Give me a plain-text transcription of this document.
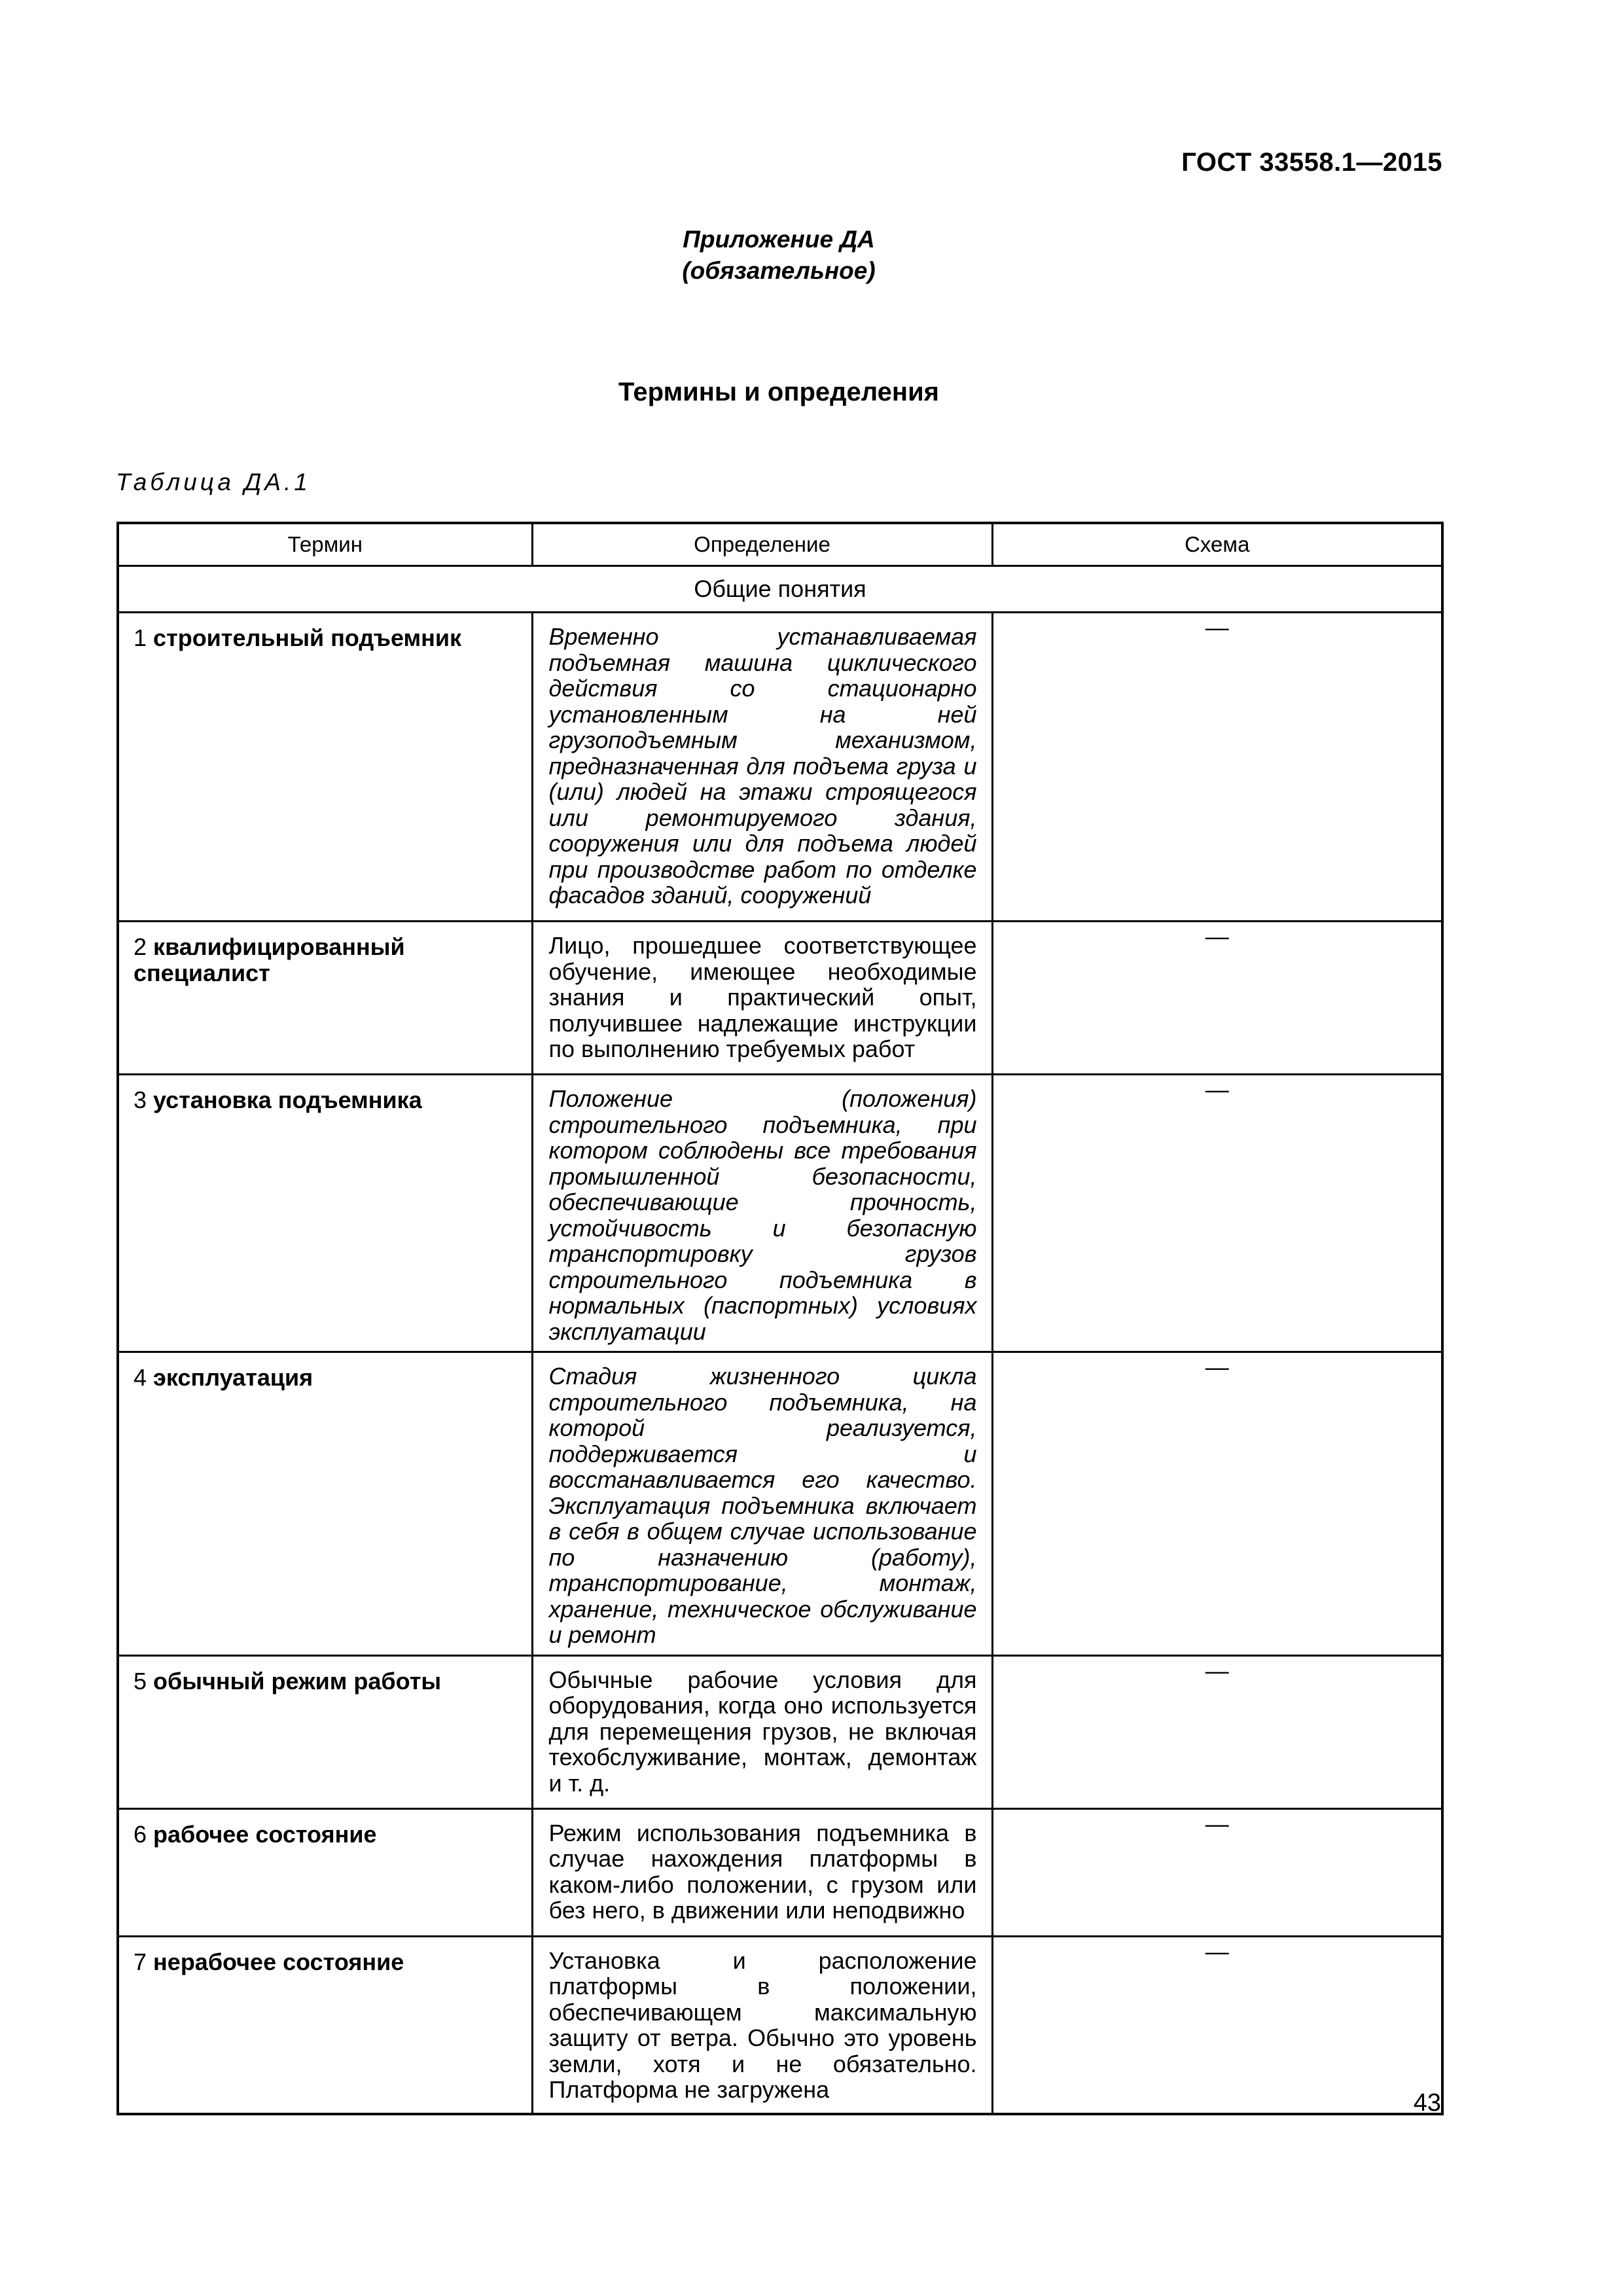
ГОСТ 33558.1—2015
Приложение ДА
(обязательное)
Термины и определения
Таблица ДА.1
Термин	Определение	Схема
Общие понятия		
1 строительный подъемник	Временно устанавливаемая подъемная машина циклического действия со стационарно установленным на ней грузоподъемным механизмом, предназначенная для подъема груза и (или) людей на этажи строящегося или ремонтируемого здания, сооружения или для подъема людей при производстве работ по отделке фасадов зданий, сооружений	—
2 квалифицированный специалист	Лицо, прошедшее соответствующее обучение, имеющее необходимые знания и практический опыт, получившее надлежащие инструкции по выполнению требуемых работ	—
3 установка подъемника	Положение (положения) строительного подъемника, при котором соблюдены все требования промышленной безопасности, обеспечивающие прочность, устойчивость и безопасную транспортировку грузов строительного подъемника в нормальных (паспортных) условиях эксплуатации	—
4 эксплуатация	Стадия жизненного цикла строительного подъемника, на которой реализуется, поддерживается и восстанавливается его качество. Эксплуатация подъемника включает в себя в общем случае использование по назначению (работу), транспортирование, монтаж, хранение, техническое обслуживание и ремонт	—
5 обычный режим работы	Обычные рабочие условия для оборудования, когда оно используется для перемещения грузов, не включая техобслуживание, монтаж, демонтаж и т. д.	—
6 рабочее состояние	Режим использования подъемника в случае нахождения платформы в каком-либо положении, с грузом или без него, в движении или неподвижно	—
7 нерабочее состояние	Установка и расположение платформы в положении, обеспечивающем максимальную защиту от ветра. Обычно это уровень земли, хотя и не обязательно. Платформа не загружена	—
43
